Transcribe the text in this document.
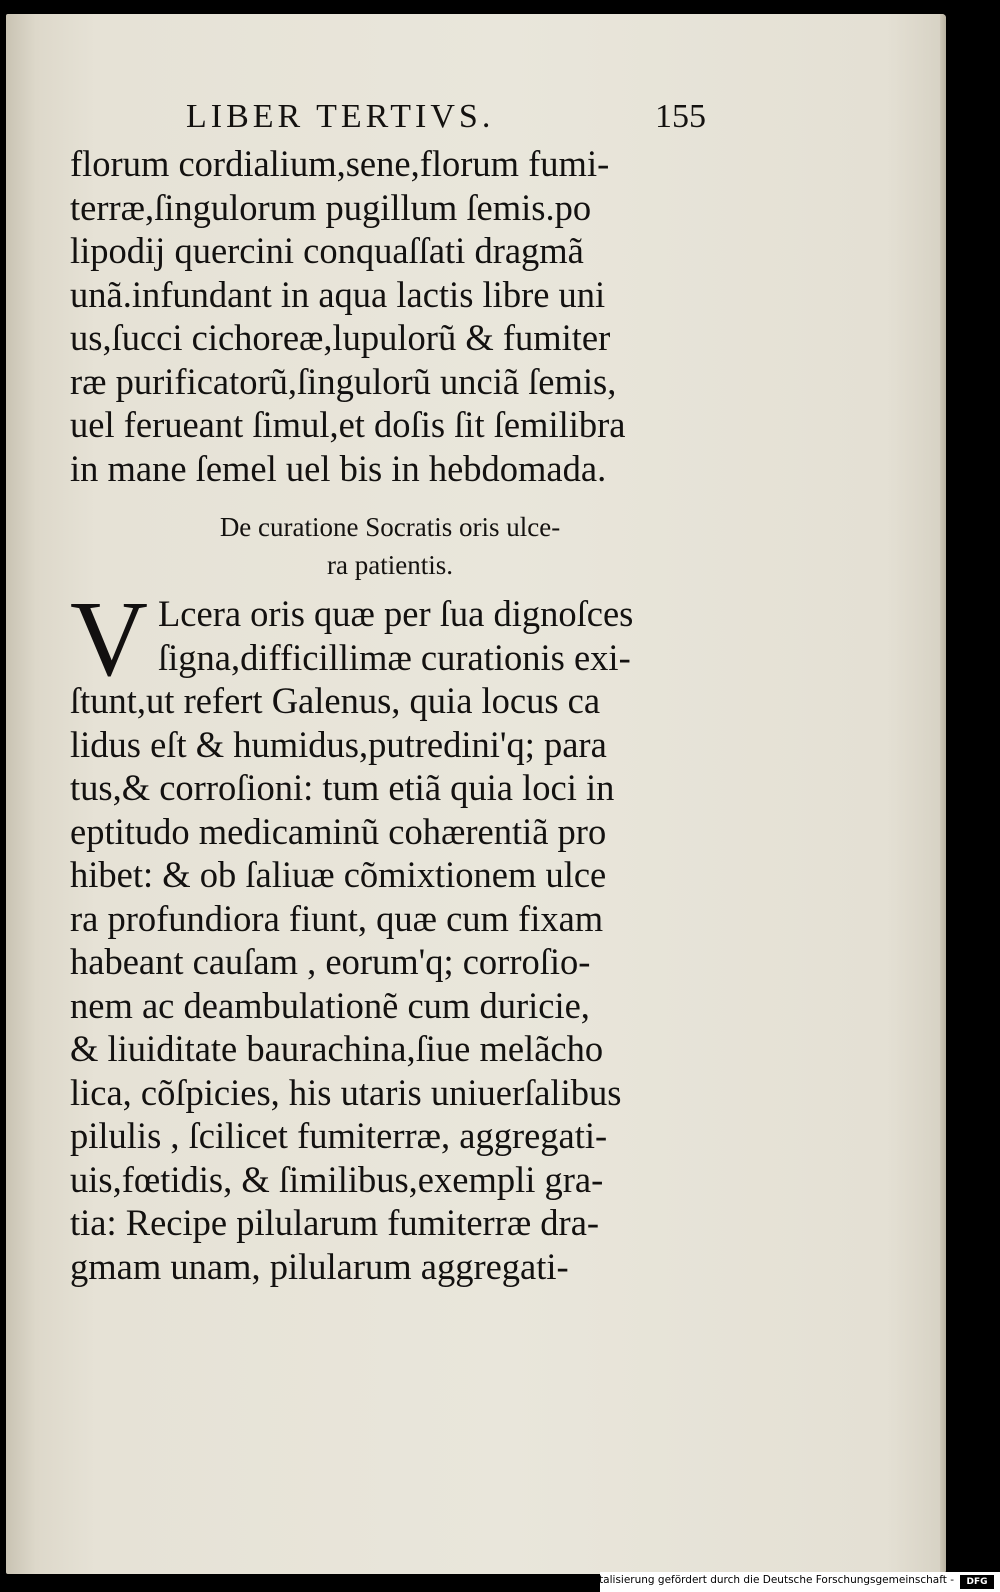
LIBER TERTIVS.	155
florum cordialium,sene,florum fumi-
terræ,ſingulorum pugillum ſemis.po
lipodij quercini conquaſſati dragmã
unã.infundant in aqua lactis libre uni
us,ſucci cichoreæ,lupulorũ & fumiter
ræ purificatorũ,ſingulorũ unciã ſemis,
uel ferueant ſimul,et doſis ſit ſemilibra
in mane ſemel uel bis in hebdomada.
De curatione Socratis oris ulce-
ra patientis.
V Lcera oris quæ per ſua dignoſces
ſigna,difficillimæ curationis exi-
ſtunt,ut refert Galenus, quia locus ca
lidus eſt & humidus,putredini'q; para
tus,& corroſioni: tum etiã quia loci in
eptitudo medicaminũ cohærentiã pro
hibet: & ob ſaliuæ cõmixtionem ulce
ra profundiora fiunt, quæ cum fixam
habeant cauſam , eorum'q; corroſio-
nem ac deambulationẽ cum duricie,
& liuiditate baurachina,ſiue melãcho
lica, cõſpicies, his utaris uniuerſalibus
pilulis , ſcilicet fumiterræ, aggregati-
uis,fœtidis, & ſimilibus,exempli gra-
tia: Recipe pilularum fumiterræ dra-
gmam unam, pilularum aggregati-
Digitalisierung gefördert durch die Deutsche Forschungsgemeinschaft -	DFG
